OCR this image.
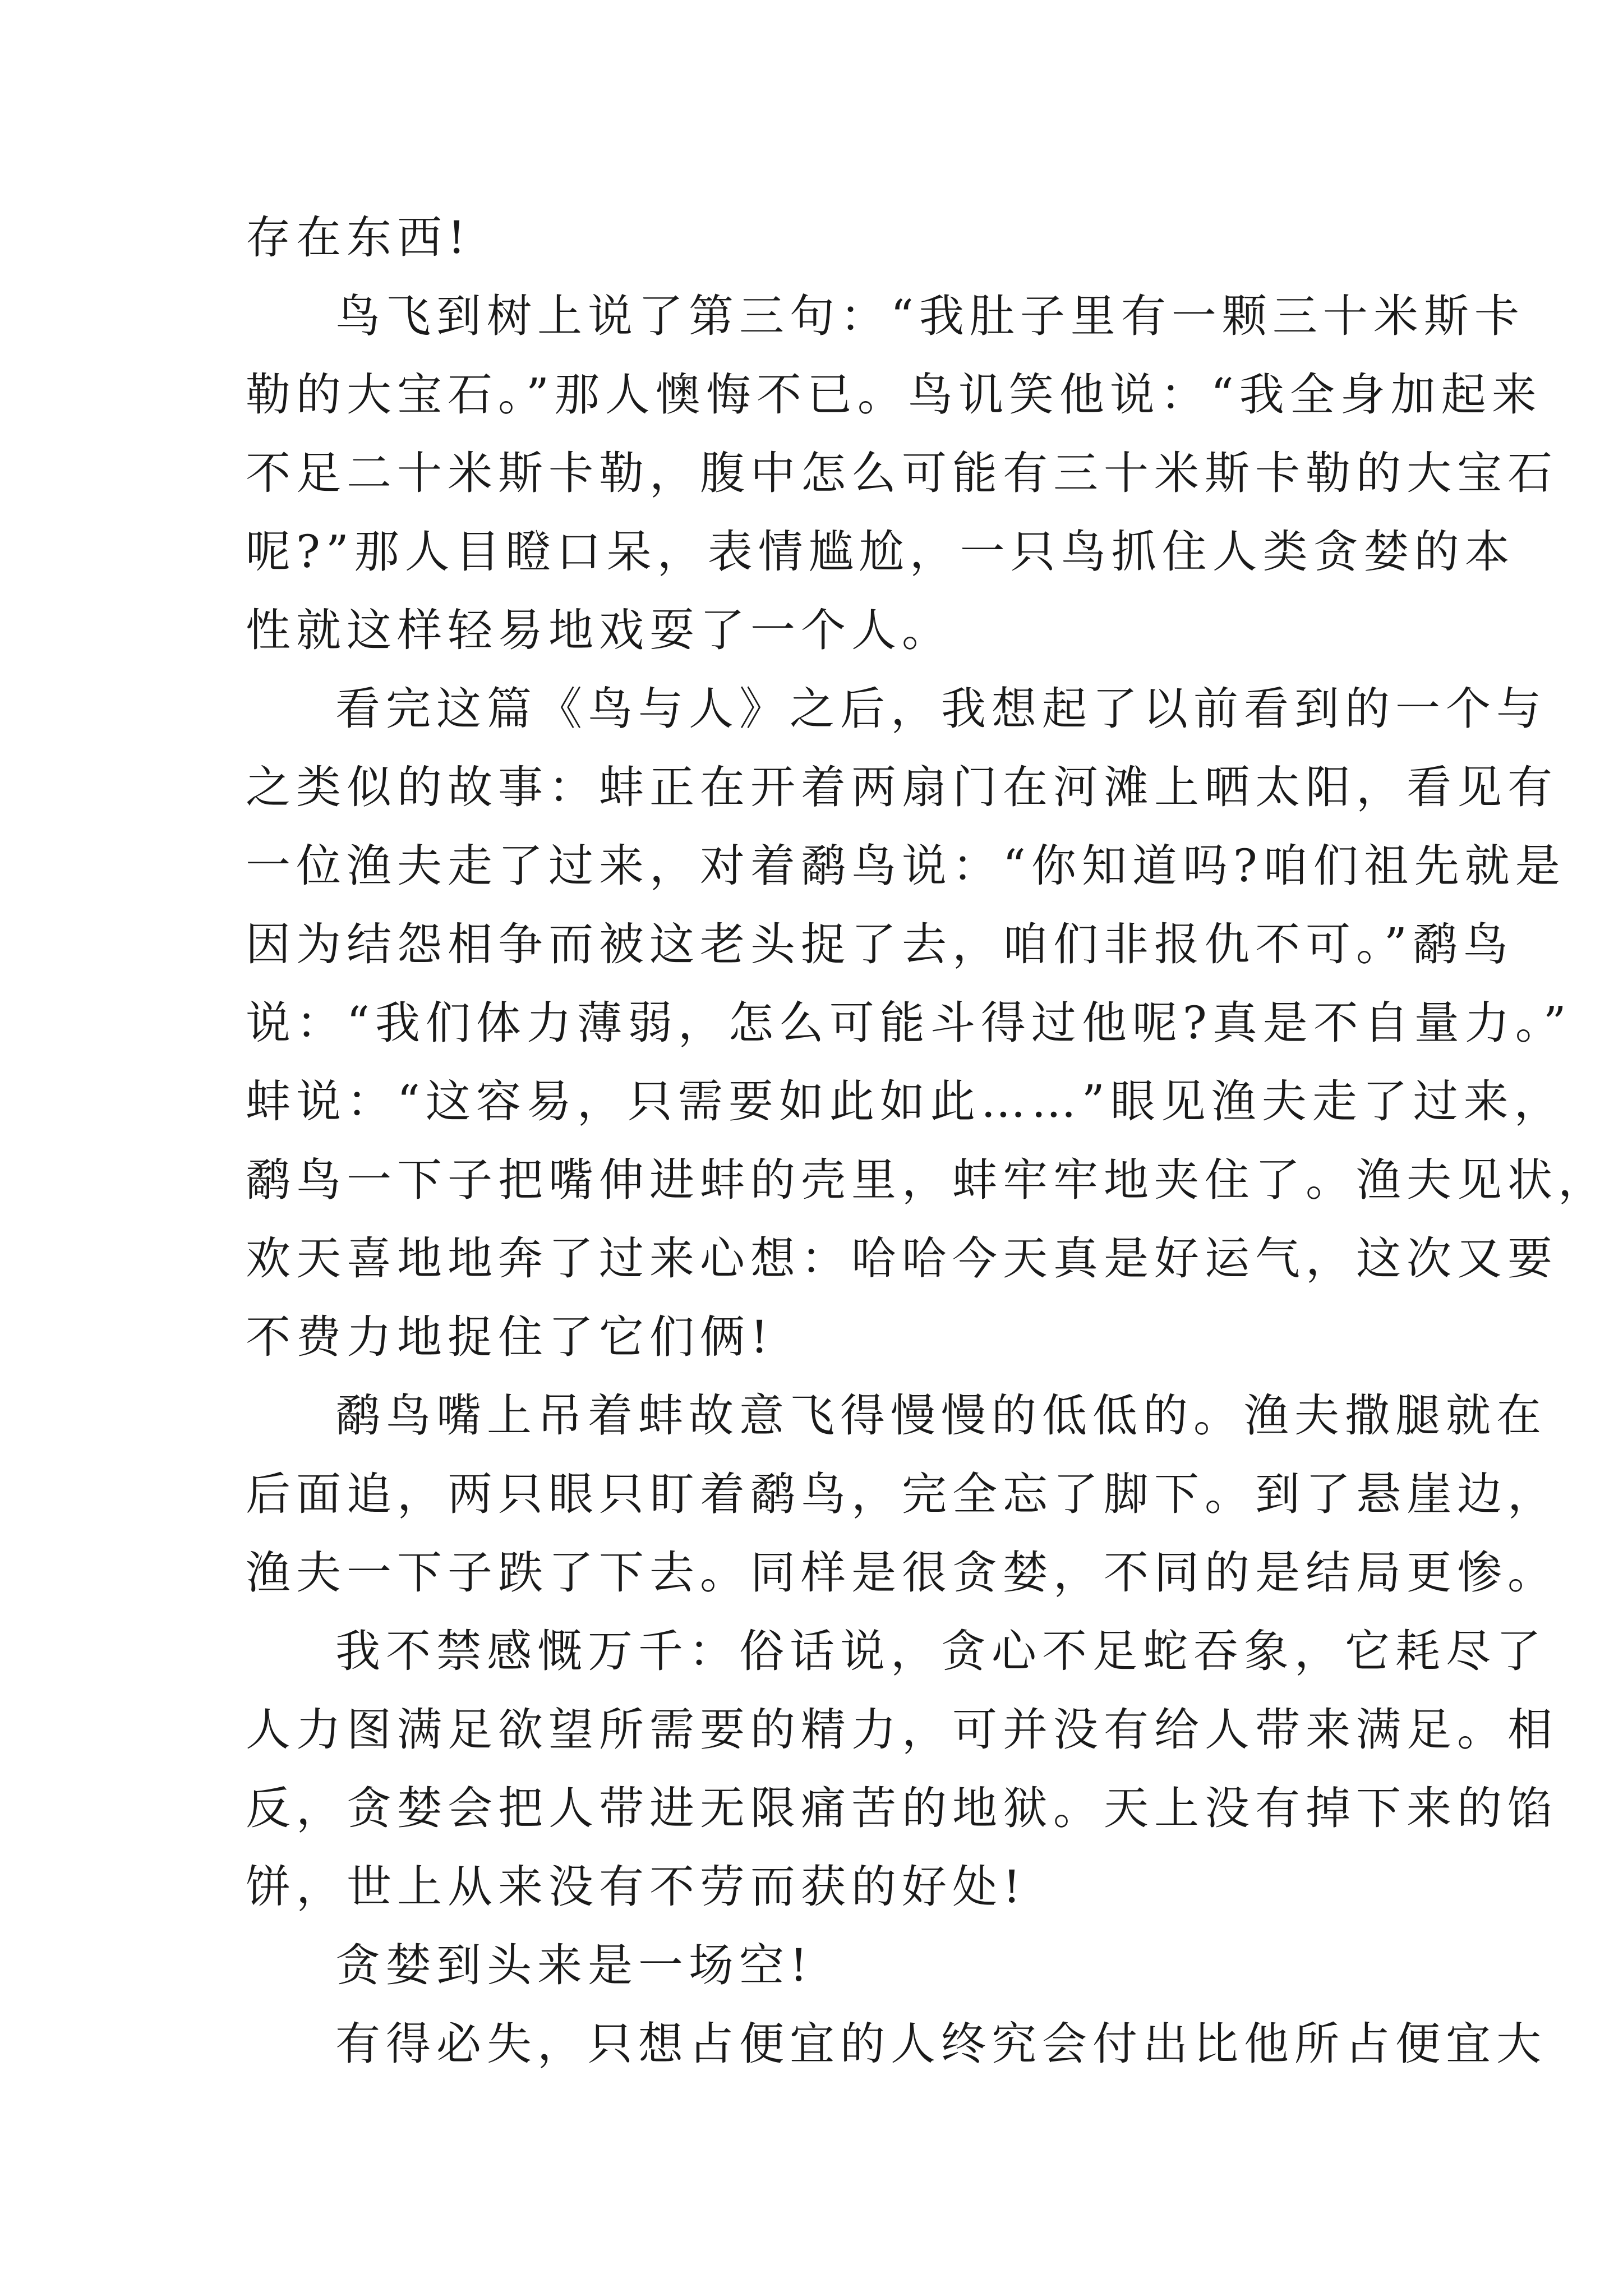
存在东西!
鸟飞到树上说了第三句：“我肚子里有一颗三十米斯卡
勒的大宝石。”那人懊悔不已。鸟讥笑他说：“我全身加起来
不足二十米斯卡勒，腹中怎么可能有三十米斯卡勒的大宝石
呢?”那人目瞪口呆，表情尴尬，一只鸟抓住人类贪婪的本
性就这样轻易地戏耍了一个人。
看完这篇《鸟与人》之后，我想起了以前看到的一个与
之类似的故事：蚌正在开着两扇门在河滩上晒太阳，看见有
一位渔夫走了过来，对着鹬鸟说：“你知道吗?咱们祖先就是
因为结怨相争而被这老头捉了去，咱们非报仇不可。”鹬鸟
说：“我们体力薄弱，怎么可能斗得过他呢?真是不自量力。”
蚌说：“这容易，只需要如此如此……”眼见渔夫走了过来，
鹬鸟一下子把嘴伸进蚌的壳里，蚌牢牢地夹住了。渔夫见状，
欢天喜地地奔了过来心想：哈哈今天真是好运气，这次又要
不费力地捉住了它们俩!
鹬鸟嘴上吊着蚌故意飞得慢慢的低低的。渔夫撒腿就在
后面追，两只眼只盯着鹬鸟，完全忘了脚下。到了悬崖边，
渔夫一下子跌了下去。同样是很贪婪，不同的是结局更惨。
我不禁感慨万千：俗话说，贪心不足蛇吞象，它耗尽了
人力图满足欲望所需要的精力，可并没有给人带来满足。相
反，贪婪会把人带进无限痛苦的地狱。天上没有掉下来的馅
饼，世上从来没有不劳而获的好处!
贪婪到头来是一场空!
有得必失，只想占便宜的人终究会付出比他所占便宜大
